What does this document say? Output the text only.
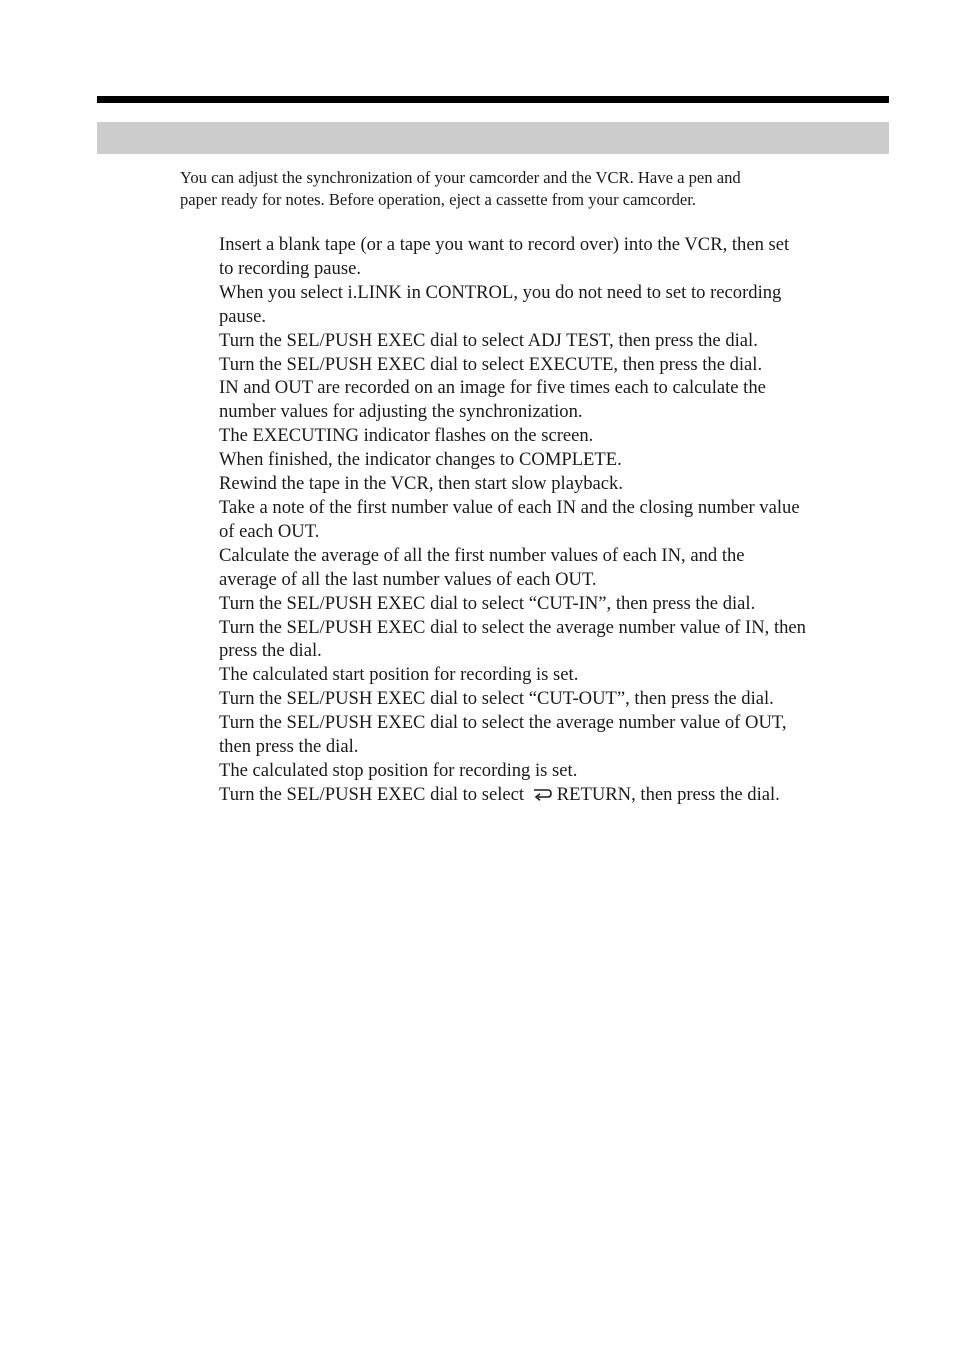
You can adjust the synchronization of your camcorder and the VCR. Have a pen and
paper ready for notes. Before operation, eject a cassette from your camcorder.

Insert a blank tape (or a tape you want to record over) into the VCR, then set
to recording pause.
When you select i.LINK in CONTROL, you do not need to set to recording
pause.
Turn the SEL/PUSH EXEC dial to select ADJ TEST, then press the dial.
Turn the SEL/PUSH EXEC dial to select EXECUTE, then press the dial.
IN and OUT are recorded on an image for five times each to calculate the
number values for adjusting the synchronization.
The EXECUTING indicator flashes on the screen.
When finished, the indicator changes to COMPLETE.
Rewind the tape in the VCR, then start slow playback.
Take a note of the first number value of each IN and the closing number value
of each OUT.
Calculate the average of all the first number values of each IN, and the
average of all the last number values of each OUT.
Turn the SEL/PUSH EXEC dial to select “CUT-IN”, then press the dial.
Turn the SEL/PUSH EXEC dial to select the average number value of IN, then
press the dial.
The calculated start position for recording is set.
Turn the SEL/PUSH EXEC dial to select “CUT-OUT”, then press the dial.
Turn the SEL/PUSH EXEC dial to select the average number value of OUT,
then press the dial.
The calculated stop position for recording is set.
Turn the SEL/PUSH EXEC dial to select RETURN, then press the dial.
